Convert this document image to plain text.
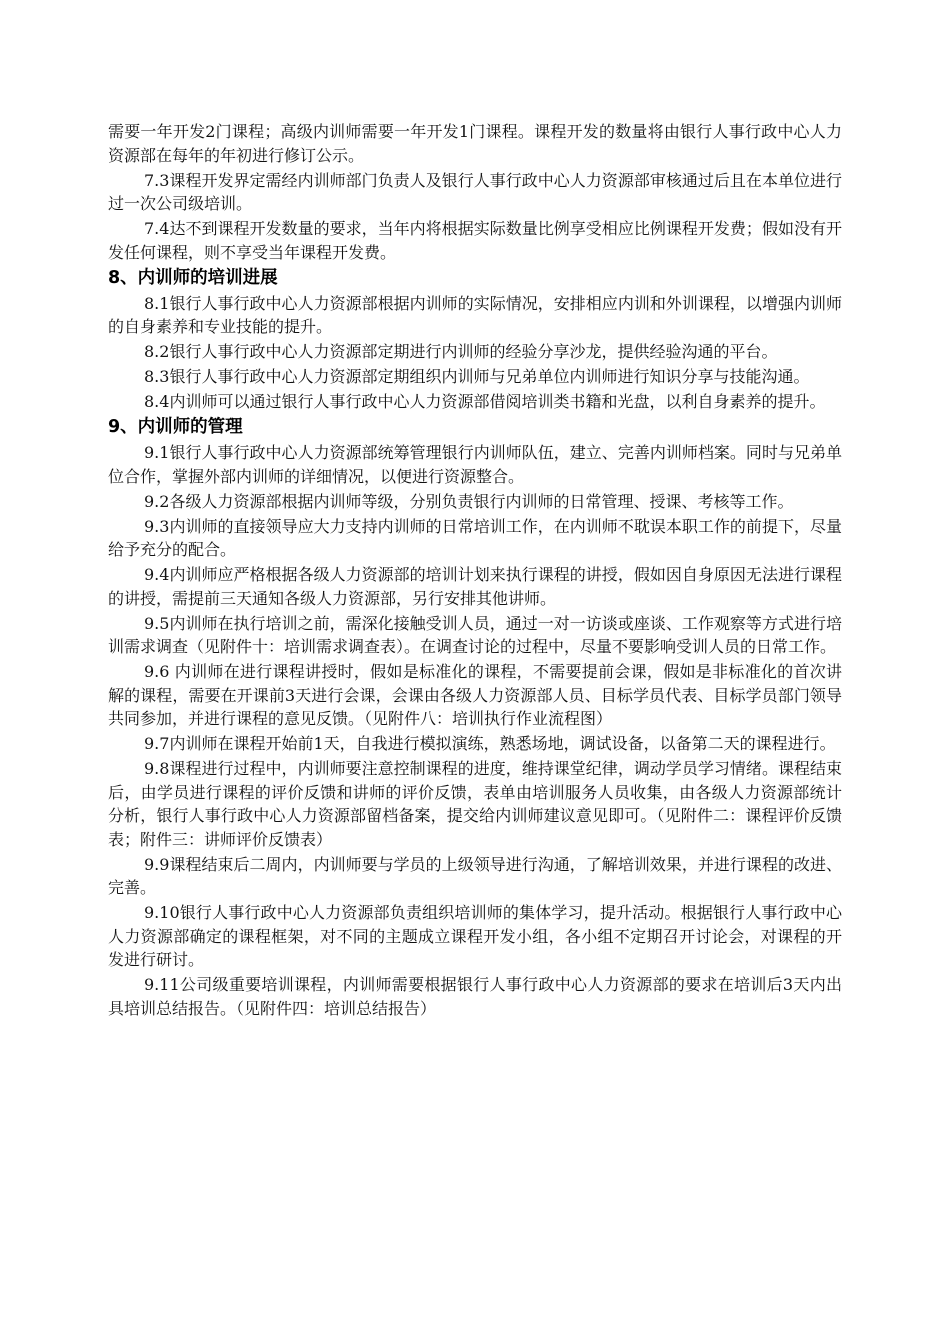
需要一年开发2门课程；高级内训师需要一年开发1门课程。课程开发的数量将由银行人事行政中心人力资源部在每年的年初进行修订公示。

7.3课程开发界定需经内训师部门负责人及银行人事行政中心人力资源部审核通过后且在本单位进行过一次公司级培训。

7.4达不到课程开发数量的要求，当年内将根据实际数量比例享受相应比例课程开发费；假如没有开发任何课程，则不享受当年课程开发费。

8、内训师的培训进展

8.1银行人事行政中心人力资源部根据内训师的实际情况，安排相应内训和外训课程，以增强内训师的自身素养和专业技能的提升。

8.2银行人事行政中心人力资源部定期进行内训师的经验分享沙龙，提供经验沟通的平台。

8.3银行人事行政中心人力资源部定期组织内训师与兄弟单位内训师进行知识分享与技能沟通。

8.4内训师可以通过银行人事行政中心人力资源部借阅培训类书籍和光盘，以利自身素养的提升。

9、内训师的管理

9.1银行人事行政中心人力资源部统筹管理银行内训师队伍，建立、完善内训师档案。同时与兄弟单位合作，掌握外部内训师的详细情况，以便进行资源整合。

9.2各级人力资源部根据内训师等级，分别负责银行内训师的日常管理、授课、考核等工作。

9.3内训师的直接领导应大力支持内训师的日常培训工作，在内训师不耽误本职工作的前提下，尽量给予充分的配合。

9.4内训师应严格根据各级人力资源部的培训计划来执行课程的讲授，假如因自身原因无法进行课程的讲授，需提前三天通知各级人力资源部，另行安排其他讲师。

9.5内训师在执行培训之前，需深化接触受训人员，通过一对一访谈或座谈、工作观察等方式进行培训需求调查（见附件十：培训需求调查表）。在调查讨论的过程中，尽量不要影响受训人员的日常工作。

9.6 内训师在进行课程讲授时，假如是标准化的课程，不需要提前会课，假如是非标准化的首次讲解的课程，需要在开课前3天进行会课，会课由各级人力资源部人员、目标学员代表、目标学员部门领导共同参加，并进行课程的意见反馈。（见附件八：培训执行作业流程图）

9.7内训师在课程开始前1天，自我进行模拟演练，熟悉场地，调试设备，以备第二天的课程进行。

9.8课程进行过程中，内训师要注意控制课程的进度，维持课堂纪律，调动学员学习情绪。课程结束后，由学员进行课程的评价反馈和讲师的评价反馈，表单由培训服务人员收集，由各级人力资源部统计分析，银行人事行政中心人力资源部留档备案，提交给内训师建议意见即可。（见附件二：课程评价反馈表；附件三：讲师评价反馈表）

9.9课程结束后二周内，内训师要与学员的上级领导进行沟通，了解培训效果，并进行课程的改进、完善。

9.10银行人事行政中心人力资源部负责组织培训师的集体学习，提升活动。根据银行人事行政中心人力资源部确定的课程框架，对不同的主题成立课程开发小组，各小组不定期召开讨论会，对课程的开发进行研讨。

9.11公司级重要培训课程，内训师需要根据银行人事行政中心人力资源部的要求在培训后3天内出具培训总结报告。（见附件四：培训总结报告）
